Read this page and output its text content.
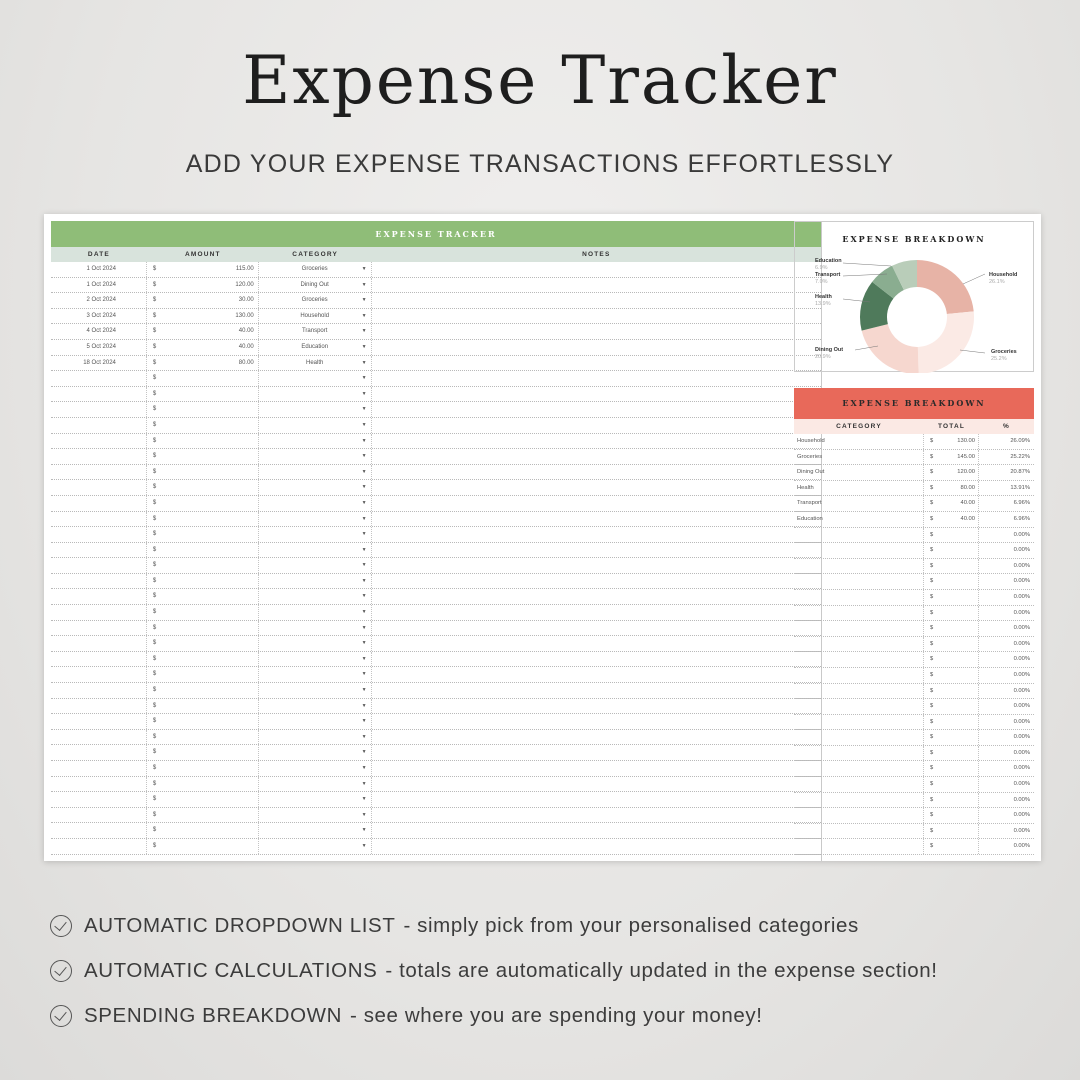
Expense Tracker
ADD YOUR EXPENSE TRANSACTIONS EFFORTLESSLY
EXPENSE TRACKER
DATE	AMOUNT	CATEGORY	NOTES
1 Oct 2024	$	115.00	Groceries	▼
1 Oct 2024	$	120.00	Dining Out	▼
2 Oct 2024	$	30.00	Groceries	▼
3 Oct 2024	$	130.00	Household	▼
4 Oct 2024	$	40.00	Transport	▼
5 Oct 2024	$	40.00	Education	▼
18 Oct 2024	$	80.00	Health	▼
$	▼
$	▼
$	▼
$	▼
$	▼
$	▼
$	▼
$	▼
$	▼
$	▼
$	▼
$	▼
$	▼
$	▼
$	▼
$	▼
$	▼
$	▼
$	▼
$	▼
$	▼
$	▼
$	▼
$	▼
$	▼
$	▼
$	▼
$	▼
$	▼
$	▼
$	▼
EXPENSE BREAKDOWN
Education
6.9%
Transport
7.0%
Health
13.9%
Household
26.1%
Dining Out
20.9%
Groceries
25.2%
EXPENSE BREAKDOWN
CATEGORY	TOTAL	%
Household	$	130.00	26.09%
Groceries	$	145.00	25.22%
Dining Out	$	120.00	20.87%
Health	$	80.00	13.91%
Transport	$	40.00	6.96%
Education	$	40.00	6.96%
$	0.00%
$	0.00%
$	0.00%
$	0.00%
$	0.00%
$	0.00%
$	0.00%
$	0.00%
$	0.00%
$	0.00%
$	0.00%
$	0.00%
$	0.00%
$	0.00%
$	0.00%
$	0.00%
$	0.00%
$	0.00%
$	0.00%
$	0.00%
$	0.00%
AUTOMATIC DROPDOWN LIST - simply pick from your personalised categories
AUTOMATIC CALCULATIONS - totals are automatically updated in the expense section!
SPENDING BREAKDOWN - see where you are spending your money!
